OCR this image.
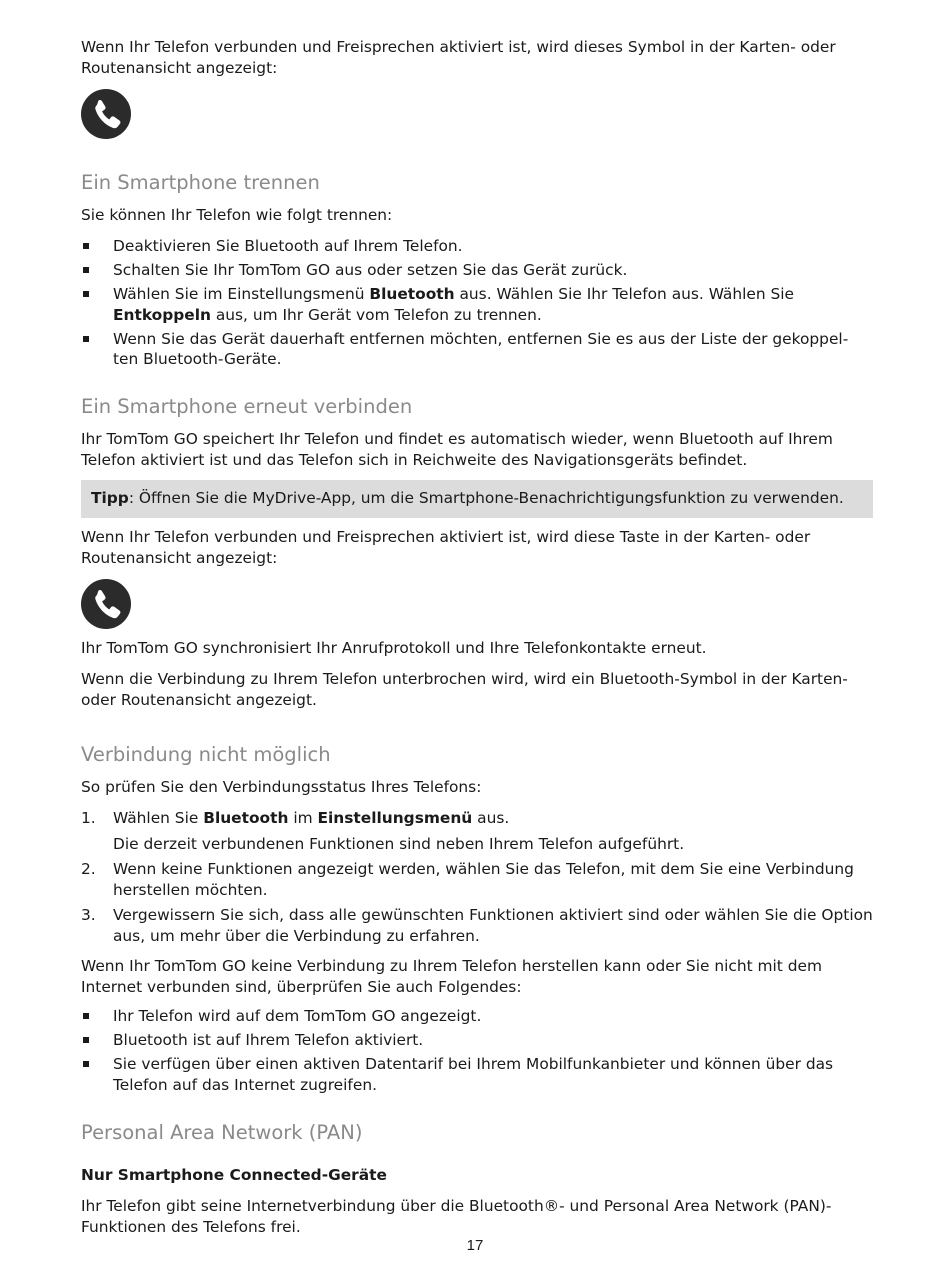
Wenn Ihr Telefon verbunden und Freisprechen aktiviert ist, wird dieses Symbol in der Karten- oder Routenansicht angezeigt:

Ein Smartphone trennen

Sie können Ihr Telefon wie folgt trennen:

Deaktivieren Sie Bluetooth auf Ihrem Telefon.
Schalten Sie Ihr TomTom GO aus oder setzen Sie das Gerät zurück.
Wählen Sie im Einstellungsmenü Bluetooth aus. Wählen Sie Ihr Telefon aus. Wählen Sie Entkoppeln aus, um Ihr Gerät vom Telefon zu trennen.
Wenn Sie das Gerät dauerhaft entfernen möchten, entfernen Sie es aus der Liste der gekoppel-ten Bluetooth-Geräte.
Ein Smartphone erneut verbinden

Ihr TomTom GO speichert Ihr Telefon und findet es automatisch wieder, wenn Bluetooth auf Ihrem Telefon aktiviert ist und das Telefon sich in Reichweite des Navigationsgeräts befindet.

Tipp: Öffnen Sie die MyDrive-App, um die Smartphone-Benachrichtigungsfunktion zu verwenden.

Wenn Ihr Telefon verbunden und Freisprechen aktiviert ist, wird diese Taste in der Karten- oder Routenansicht angezeigt:

Ihr TomTom GO synchronisiert Ihr Anrufprotokoll und Ihre Telefonkontakte erneut.

Wenn die Verbindung zu Ihrem Telefon unterbrochen wird, wird ein Bluetooth-Symbol in der Karten- oder Routenansicht angezeigt.

Verbindung nicht möglich

So prüfen Sie den Verbindungsstatus Ihres Telefons:

1. Wählen Sie Bluetooth im Einstellungsmenü aus.
Die derzeit verbundenen Funktionen sind neben Ihrem Telefon aufgeführt.
2. Wenn keine Funktionen angezeigt werden, wählen Sie das Telefon, mit dem Sie eine Verbindung herstellen möchten.
3. Vergewissern Sie sich, dass alle gewünschten Funktionen aktiviert sind oder wählen Sie die Option aus, um mehr über die Verbindung zu erfahren.

Wenn Ihr TomTom GO keine Verbindung zu Ihrem Telefon herstellen kann oder Sie nicht mit dem Internet verbunden sind, überprüfen Sie auch Folgendes:

Ihr Telefon wird auf dem TomTom GO angezeigt.
Bluetooth ist auf Ihrem Telefon aktiviert.
Sie verfügen über einen aktiven Datentarif bei Ihrem Mobilfunkanbieter und können über das Telefon auf das Internet zugreifen.
Personal Area Network (PAN)
Nur Smartphone Connected-Geräte

Ihr Telefon gibt seine Internetverbindung über die Bluetooth®- und Personal Area Network (PAN)-Funktionen des Telefons frei.

17
